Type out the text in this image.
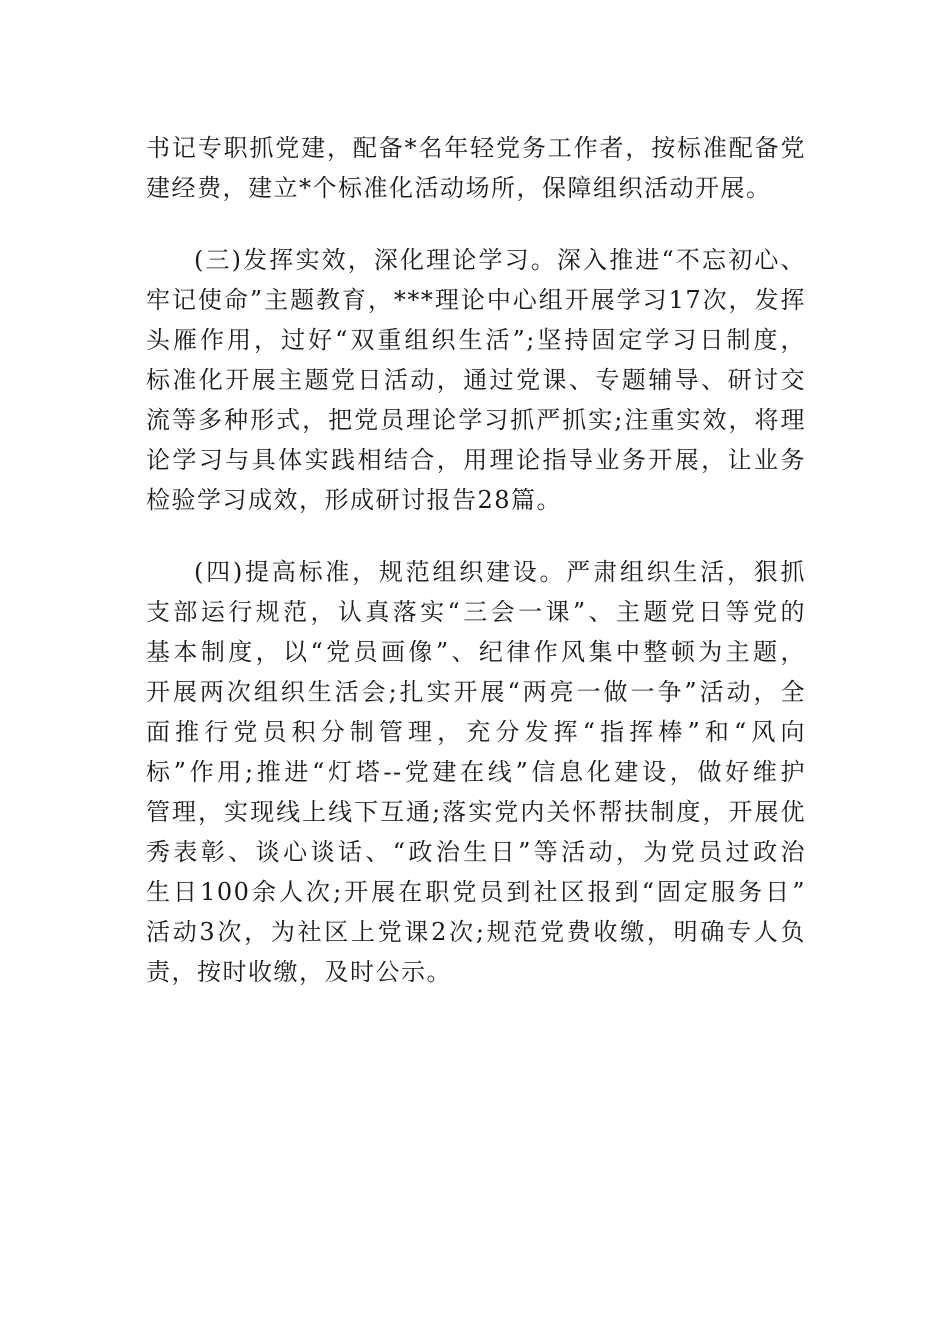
书记专职抓党建，配备*名年轻党务工作者，按标准配备党

建经费，建立*个标准化活动场所，保障组织活动开展。

(三)发挥实效，深化理论学习。深入推进“不忘初心、

牢记使命”主题教育，***理论中心组开展学习17次，发挥

头雁作用，过好“双重组织生活”;坚持固定学习日制度，

标准化开展主题党日活动，通过党课、专题辅导、研讨交

流等多种形式，把党员理论学习抓严抓实;注重实效，将理

论学习与具体实践相结合，用理论指导业务开展，让业务

检验学习成效，形成研讨报告28篇。

(四)提高标准，规范组织建设。严肃组织生活，狠抓

支部运行规范，认真落实“三会一课”、主题党日等党的

基本制度，以“党员画像”、纪律作风集中整顿为主题，

开展两次组织生活会;扎实开展“两亮一做一争”活动，全

面推行党员积分制管理，充分发挥“指挥棒”和“风向

标”作用;推进“灯塔--党建在线”信息化建设，做好维护

管理，实现线上线下互通;落实党内关怀帮扶制度，开展优

秀表彰、谈心谈话、“政治生日”等活动，为党员过政治

生日100余人次;开展在职党员到社区报到“固定服务日”

活动3次，为社区上党课2次;规范党费收缴，明确专人负

责，按时收缴，及时公示。
